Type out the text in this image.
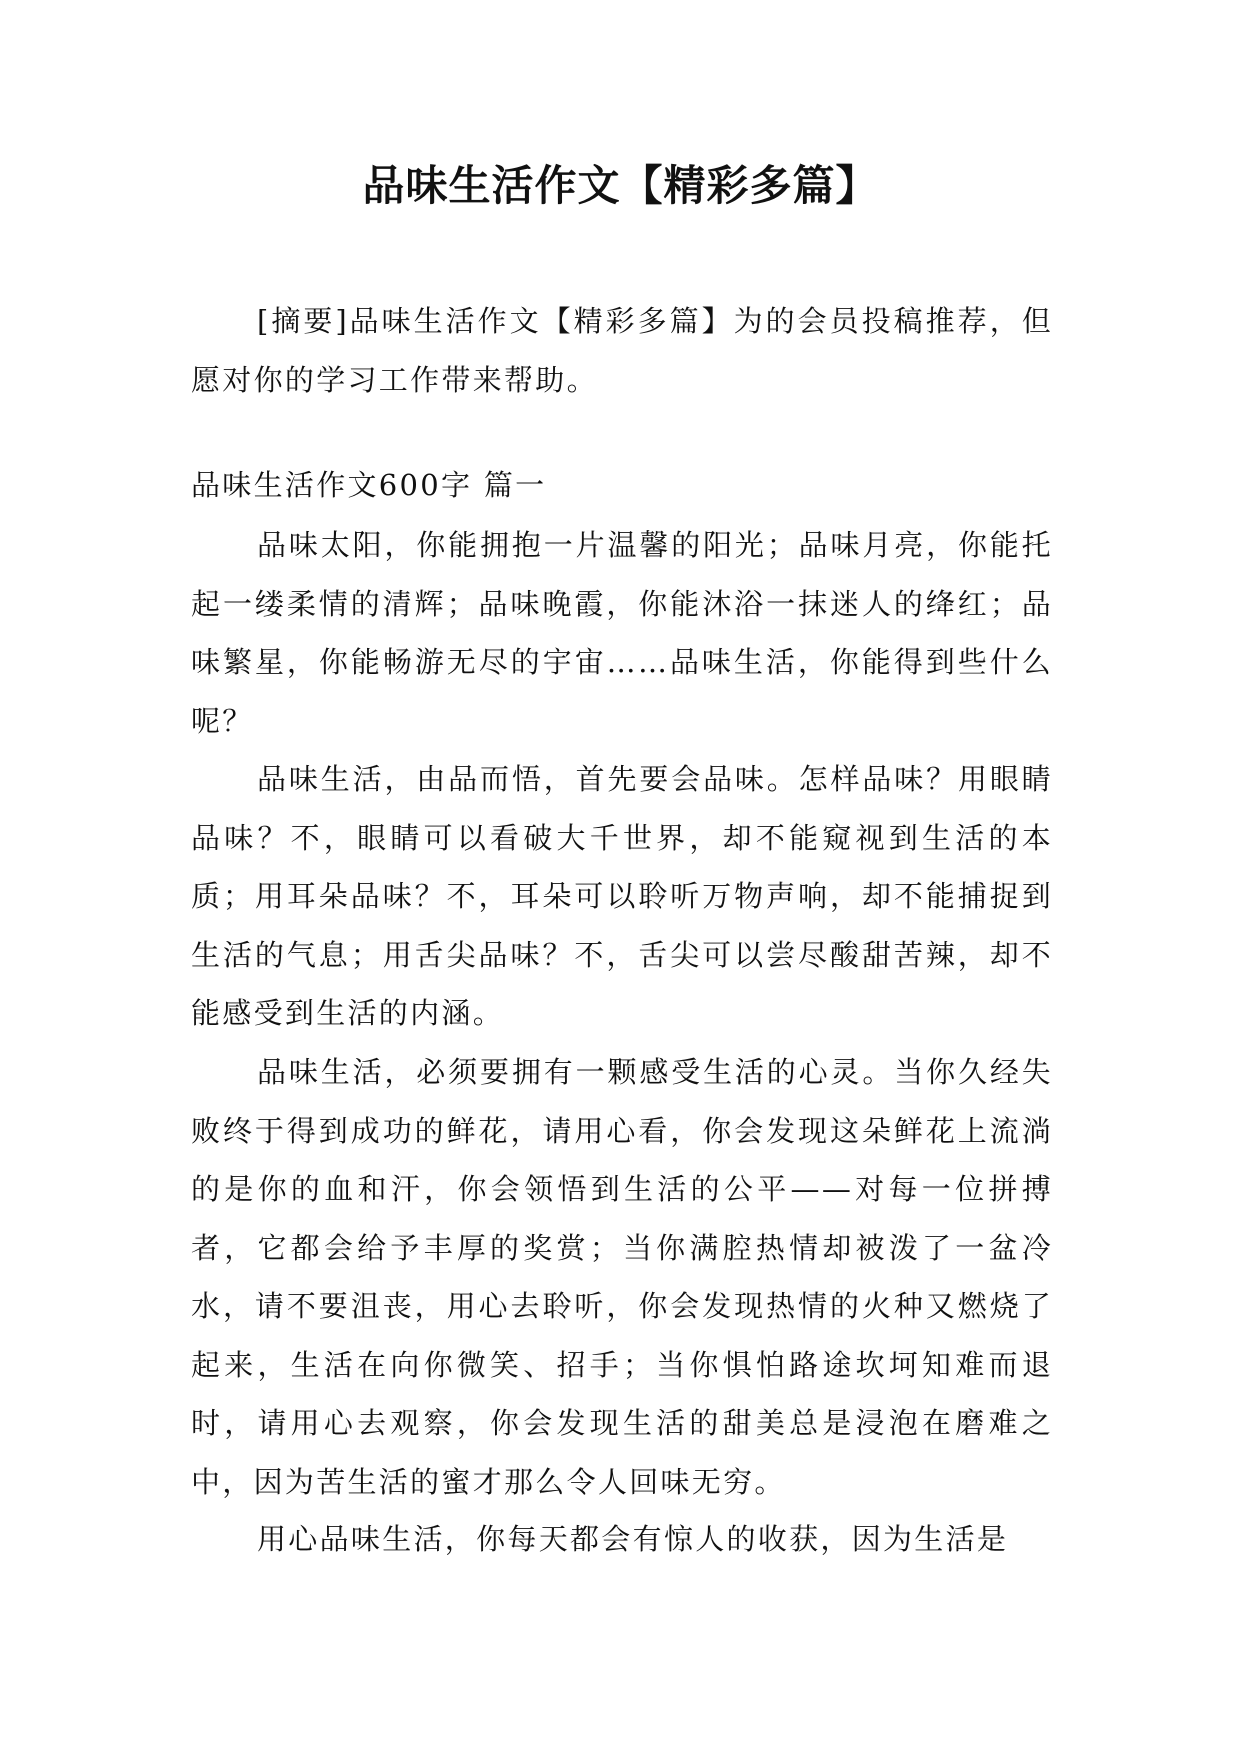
品味生活作文【精彩多篇】

[摘要]品味生活作文【精彩多篇】为的会员投稿推荐，但愿对你的学习工作带来帮助。

品味生活作文600字 篇一

品味太阳，你能拥抱一片温馨的阳光；品味月亮，你能托起一缕柔情的清辉；品味晚霞，你能沐浴一抹迷人的绛红；品味繁星，你能畅游无尽的宇宙……品味生活，你能得到些什么呢？

品味生活，由品而悟，首先要会品味。怎样品味？用眼睛品味？不，眼睛可以看破大千世界，却不能窥视到生活的本质；用耳朵品味？不，耳朵可以聆听万物声响，却不能捕捉到生活的气息；用舌尖品味？不，舌尖可以尝尽酸甜苦辣，却不能感受到生活的内涵。

品味生活，必须要拥有一颗感受生活的心灵。当你久经失败终于得到成功的鲜花，请用心看，你会发现这朵鲜花上流淌的是你的血和汗，你会领悟到生活的公平——对每一位拼搏者，它都会给予丰厚的奖赏；当你满腔热情却被泼了一盆冷水，请不要沮丧，用心去聆听，你会发现热情的火种又燃烧了起来，生活在向你微笑、招手；当你惧怕路途坎坷知难而退时，请用心去观察，你会发现生活的甜美总是浸泡在磨难之中，因为苦生活的蜜才那么令人回味无穷。

用心品味生活，你每天都会有惊人的收获，因为生活是
